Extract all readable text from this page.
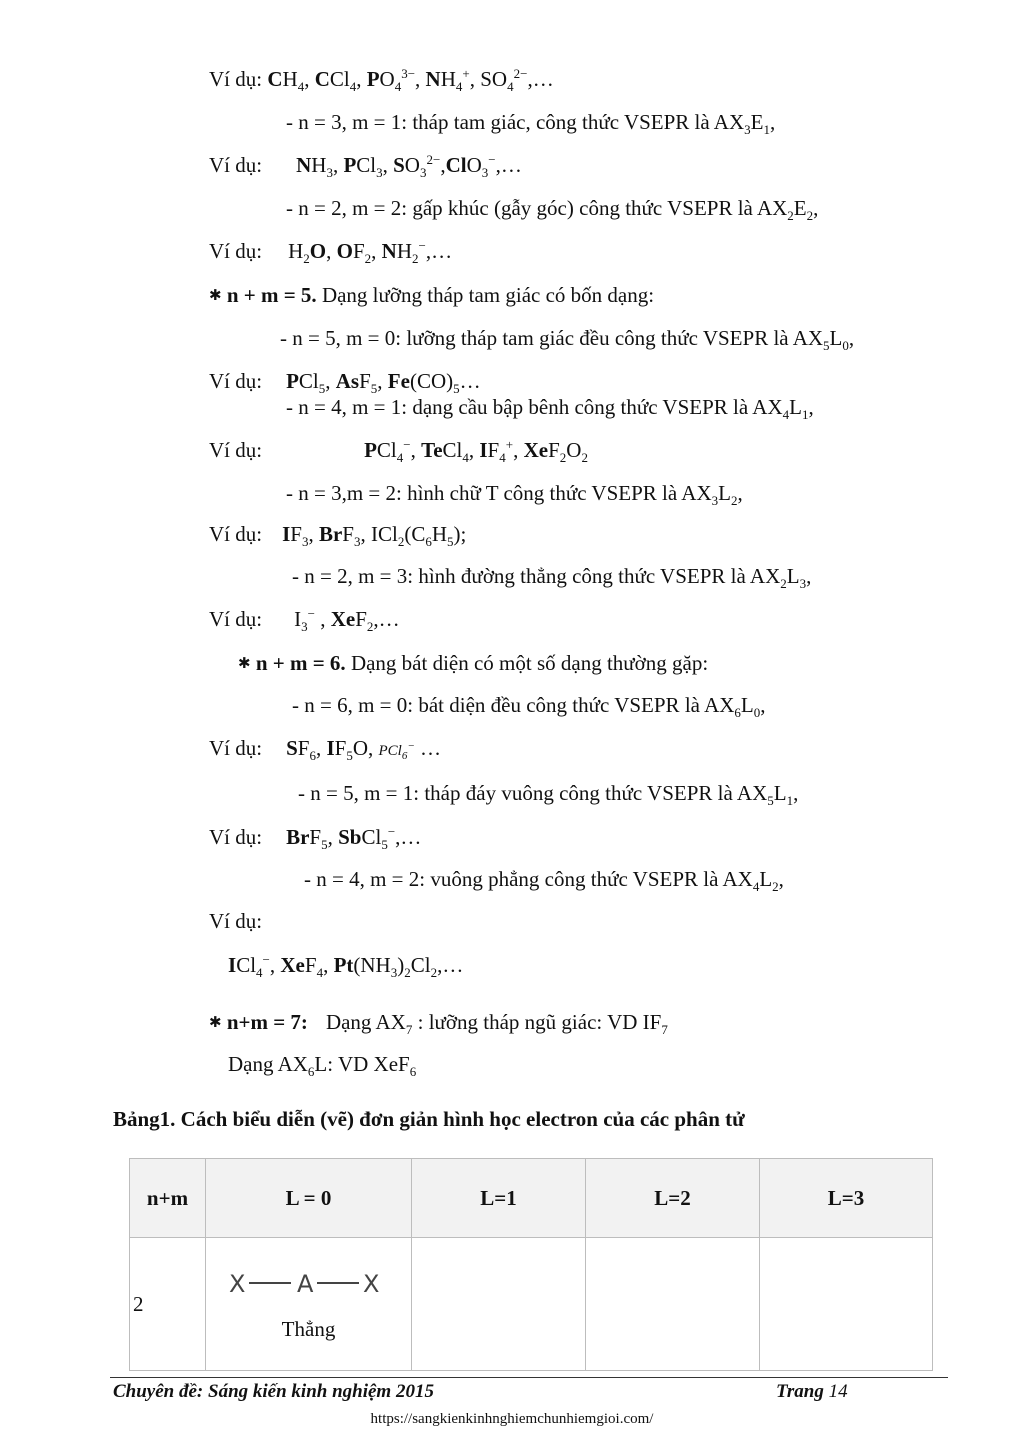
Ví dụ: $CH_4$, CCl$_4$, $PO_4^{3-}$, $NH_4^+$, $SO_4^{2-},\dots$
- n = 3, m = 1: tháp tam giác, công thức VSEPR là $AX_3E_1$,
Ví dụ: $NH_3$, PCl$_3$, $SO_3^{2-},ClO_3^-,\dots$
- n = 2, m = 2: gấp khúc (gẫy góc) công thức VSEPR là $AX_2E_2$,
Ví dụ: $H_2O$, $OF_2$, $NH_2^-,\dots$
✱ n + m = 5. Dạng lưỡng tháp tam giác có bốn dạng:
- n = 5, m = 0: lưỡng tháp tam giác đều công thức VSEPR là $AX_5L_0$,
Ví dụ: PCl$_5$, AsF$_5$, $Fe(CO)_5\dots$
- n = 4, m = 1: dạng cầu bập bênh công thức VSEPR là $AX_4L_1$,
Ví dụ:	PCl$_4$−, TeCl$_4$, $IF_4^+$, $XeF_2O_2$
- n = 3,m = 2: hình chữ T công thức VSEPR là $AX_3L_2$,
Ví dụ: $IF_3$, BrF$_3$, $ICl_2(C_6H_5)$;
- n = 2, m = 3: hình đường thẳng công thức VSEPR là $AX_2L_3$,
Ví dụ: $I_3^-$ , XeF$_2$,…
✱ n + m = 6. Dạng bát diện có một số dạng thường gặp:
- n = 6, m = 0: bát diện đều công thức VSEPR là $AX_6L_0$,
Ví dụ: $SF_6$, $IF_5O$, PCl$_6$− …
- n = 5, m = 1: tháp đáy vuông công thức VSEPR là $AX_5L_1$,
Ví dụ: BrF$_5$, SbCl$_5$−,…
- n = 4, m = 2: vuông phẳng công thức VSEPR là $AX_4L_2$,
Ví dụ:
ICl$_4$−, XeF$_4$, $Pt(NH_3)_2Cl_2,\dots$
✱ n+m = 7: Dạng $AX_7$ : lưỡng tháp ngũ giác: VD $IF_7$
Dạng $AX_6L$: VD XeF$_6$
Bảng1. Cách biểu diễn (vẽ) đơn giản hình học electron của các phân tử
n+m	L = 0	L=1	L=2	L=3
2	X A X
Thẳng			

Chuyên đề: Sáng kiến kinh nghiệm 2015	Trang 14
https://sangkienkinhnghiemchunhiemgioi.com/
